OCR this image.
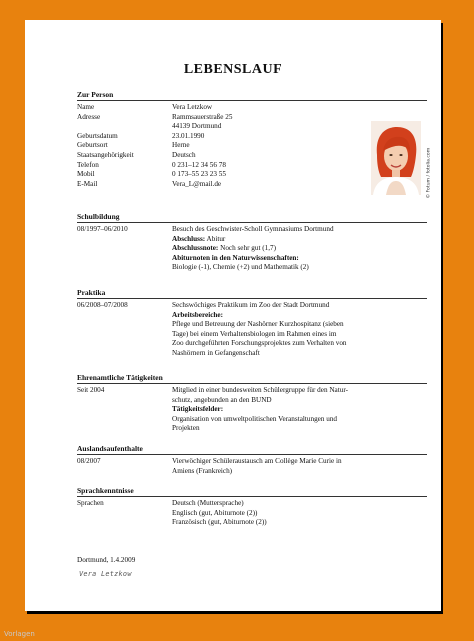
LEBENSLAUF
© Fotum / fotolia.com
Zur Person
Name	Vera Letzkow
Adresse	Rammsauerstraße 25
44139 Dortmund
Geburtsdatum	23.01.1990
Geburtsort	Herne
Staatsangehörigkeit	Deutsch
Telefon	0 231–12 34 56 78
Mobil	0 173–55 23 23 55
E-Mail	Vera_L@mail.de
Schulbildung
08/1997–06/2010	Besuch des Geschwister-Scholl Gymnasiums Dortmund
Abschluss: Abitur
Abschlussnote: Noch sehr gut (1,7)
Abiturnoten in den Naturwissenschaften:
Biologie (-1), Chemie (+2) und Mathematik (2)
Praktika
06/2008–07/2008	Sechswöchiges Praktikum im Zoo der Stadt Dortmund
Arbeitsbereiche:
Pflege und Betreuung der Nashörner Kurzhospitanz (sieben
Tage) bei einem Verhaltensbiologen im Rahmen eines im
Zoo durchgeführten Forschungsprojektes zum Verhalten von
Nashörnern in Gefangenschaft
Ehrenamtliche Tätigkeiten
Seit 2004	Mitglied in einer bundesweiten Schülergruppe für den Natur-
schutz, angebunden an den BUND
Tätigkeitsfelder:
Organisation von umweltpolitischen Veranstaltungen und
Projekten
Auslandsaufenthalte
08/2007	Vierwöchiger Schüleraustausch am Collège Marie Curie in
Amiens (Frankreich)
Sprachkenntnisse
Sprachen	Deutsch (Muttersprache)
Englisch (gut, Abiturnote (2))
Französisch (gut, Abiturnote (2))
Dortmund, 1.4.2009
Vera Letzkow
Vorlagen
